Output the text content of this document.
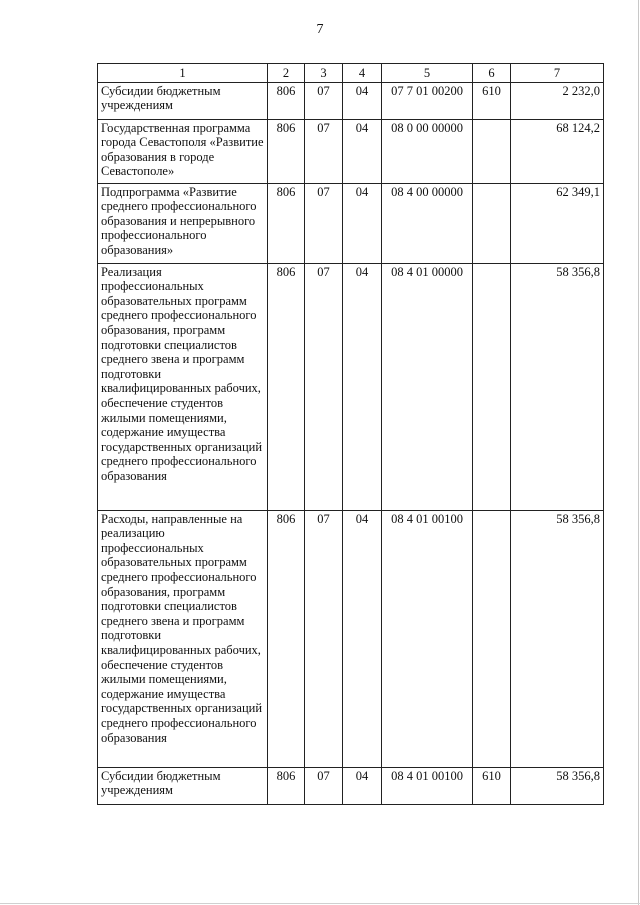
7
1	2	3	4	5	6	7
Субсидии бюджетным учреждениям	806	07	04	07 7 01 00200	610	2 232,0
Государственная программа города Севастополя «Развитие образования в городе Севастополе»	806	07	04	08 0 00 00000		68 124,2
Подпрограмма «Развитие среднего профессионального образования и непрерывного профессионального образования»	806	07	04	08 4 00 00000		62 349,1
Реализация профессиональных образовательных программ среднего профессионального образования, программ подготовки специалистов среднего звена и программ подготовки квалифицированных рабочих, обеспечение студентов жилыми помещениями, содержание имущества государственных организаций среднего профессионального образования	806	07	04	08 4 01 00000		58 356,8
Расходы, направленные на реализацию профессиональных образовательных программ среднего профессионального образования, программ подготовки специалистов среднего звена и программ подготовки квалифицированных рабочих, обеспечение студентов жилыми помещениями, содержание имущества государственных организаций среднего профессионального образования	806	07	04	08 4 01 00100		58 356,8
Субсидии бюджетным учреждениям	806	07	04	08 4 01 00100	610	58 356,8
